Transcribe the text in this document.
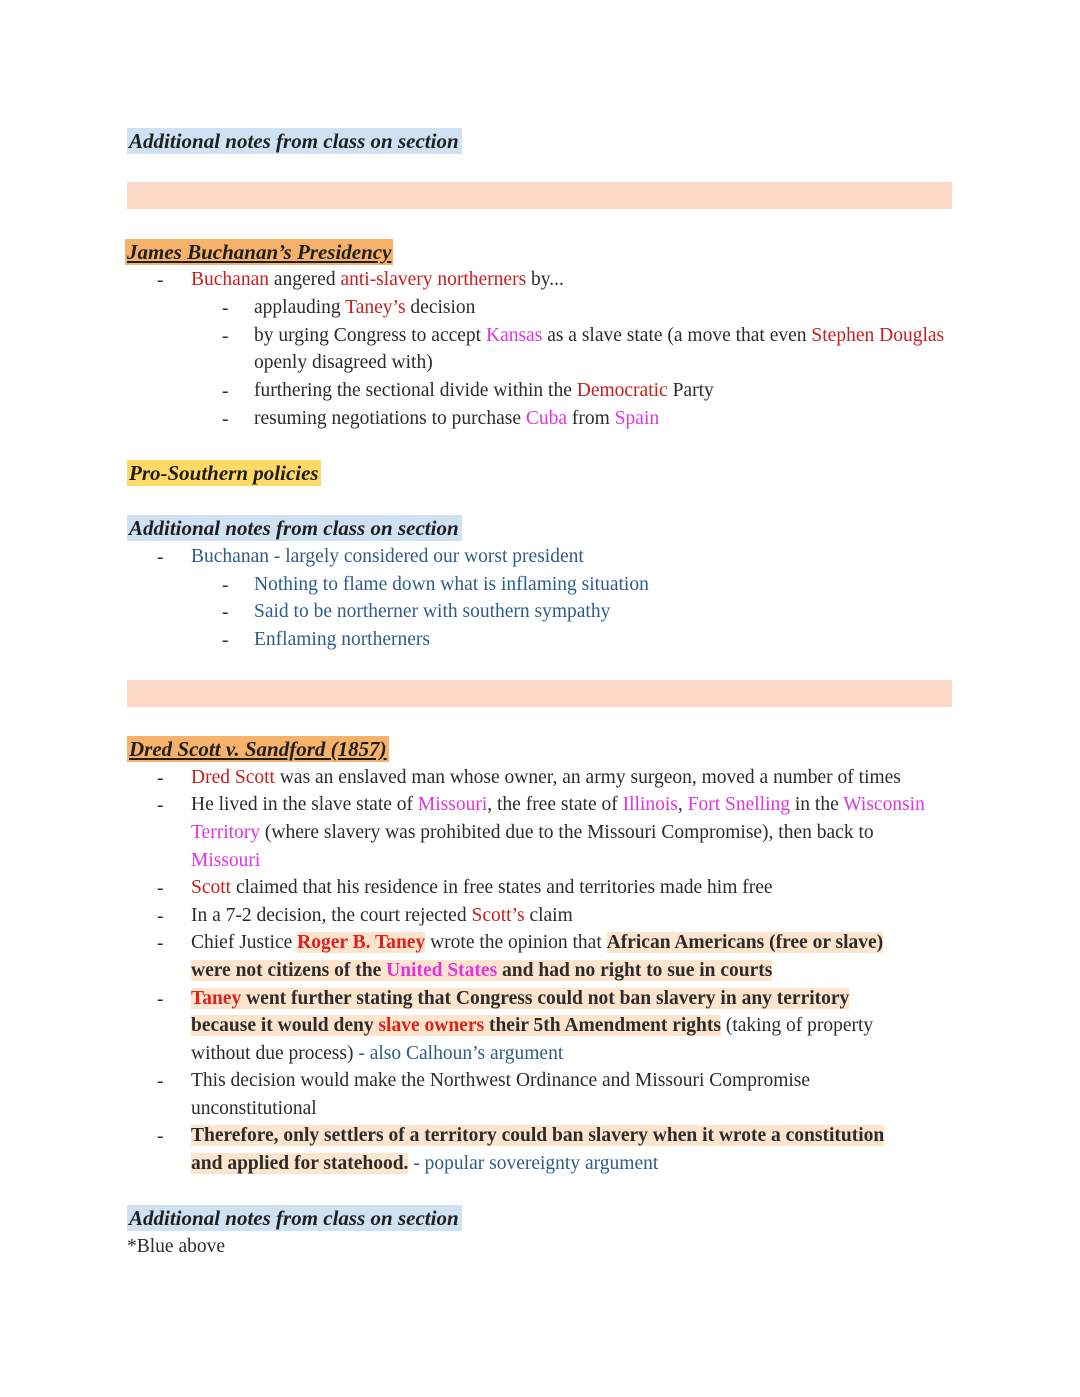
Additional notes from class on section
James Buchanan’s Presidency
- Buchanan angered anti-slavery northerners by...
- applauding Taney’s decision
- by urging Congress to accept Kansas as a slave state (a move that even Stephen Douglas
openly disagreed with)
- furthering the sectional divide within the Democratic Party
- resuming negotiations to purchase Cuba from Spain
Pro-Southern policies
Additional notes from class on section
- Buchanan - largely considered our worst president
- Nothing to flame down what is inflaming situation
- Said to be northerner with southern sympathy
- Enflaming northerners
Dred Scott v. Sandford (1857)
- Dred Scott was an enslaved man whose owner, an army surgeon, moved a number of times
- He lived in the slave state of Missouri, the free state of Illinois, Fort Snelling in the Wisconsin
Territory (where slavery was prohibited due to the Missouri Compromise), then back to
Missouri
- Scott claimed that his residence in free states and territories made him free
- In a 7-2 decision, the court rejected Scott’s claim
- Chief Justice Roger B. Taney wrote the opinion that African Americans (free or slave)
were not citizens of the United States and had no right to sue in courts
- Taney went further stating that Congress could not ban slavery in any territory
because it would deny slave owners their 5th Amendment rights (taking of property
without due process) - also Calhoun’s argument
- This decision would make the Northwest Ordinance and Missouri Compromise
unconstitutional
- Therefore, only settlers of a territory could ban slavery when it wrote a constitution
and applied for statehood. - popular sovereignty argument
Additional notes from class on section
*Blue above
